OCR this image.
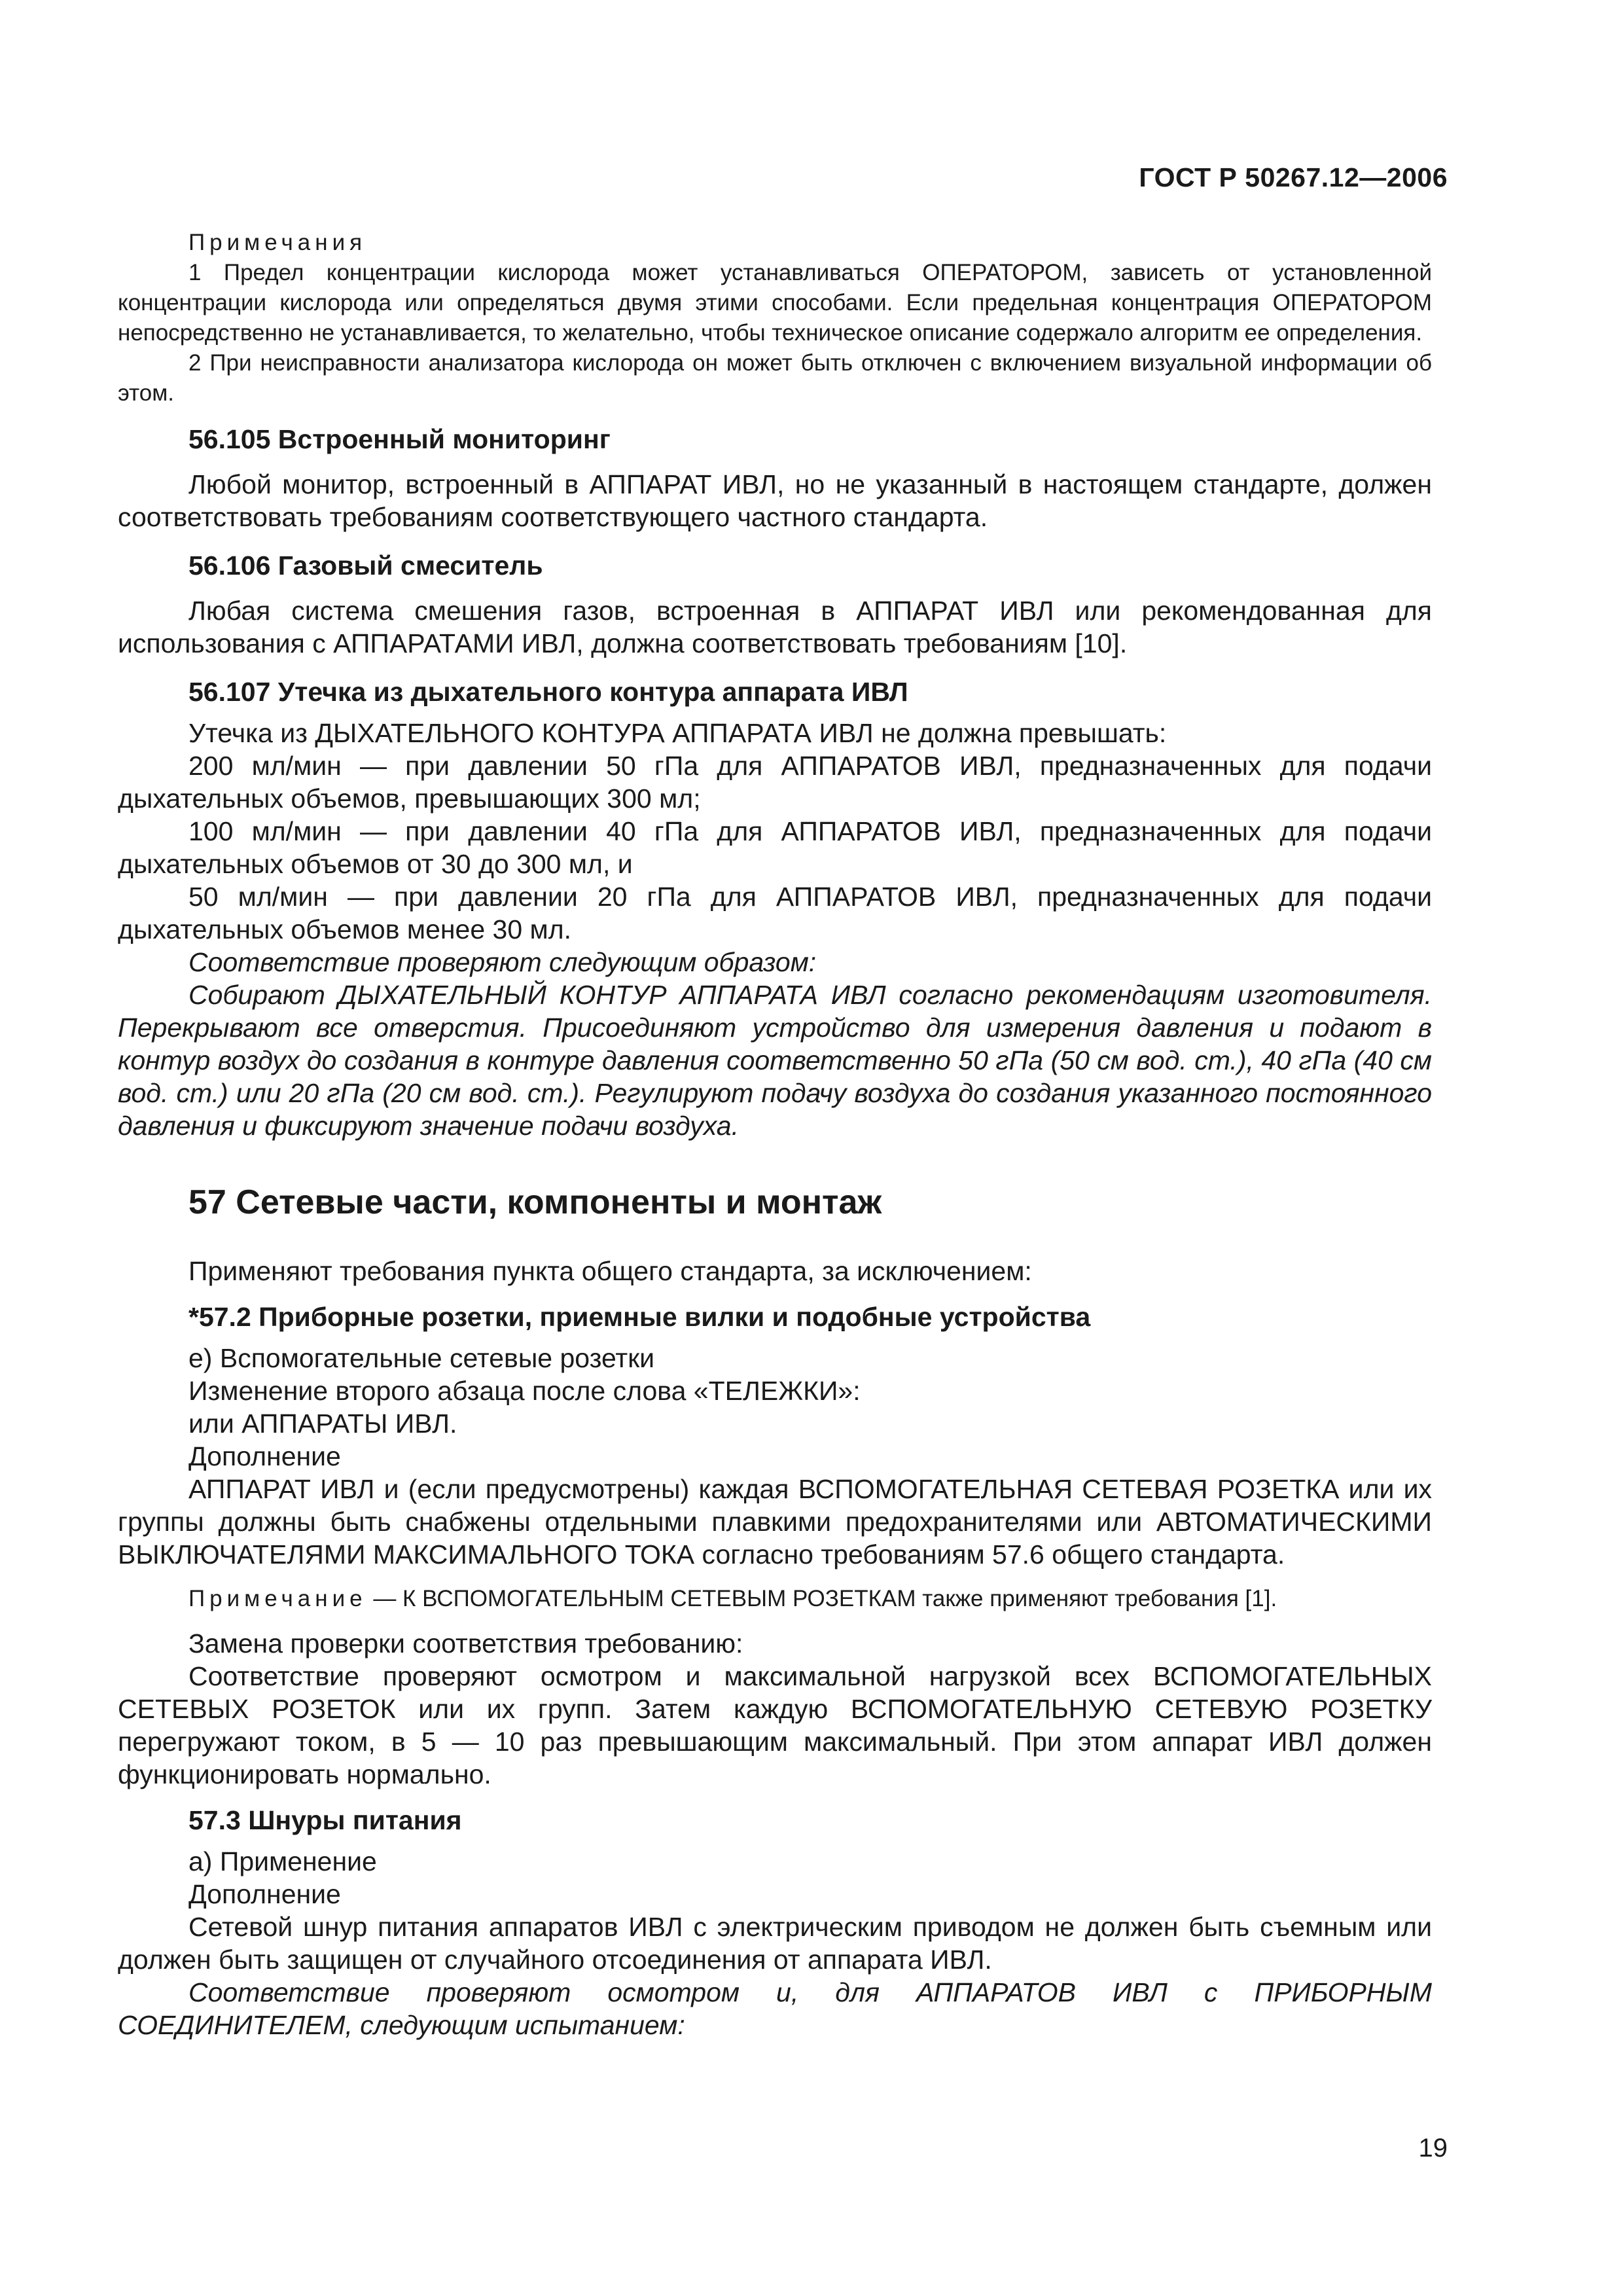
ГОСТ Р 50267.12—2006

Примечания

1 Предел концентрации кислорода может устанавливаться ОПЕРАТОРОМ, зависеть от установленной концентрации кислорода или определяться двумя этими способами. Если предельная концентрация ОПЕРАТОРОМ непосредственно не устанавливается, то желательно, чтобы техническое описание содержало алгоритм ее определения.

2 При неисправности анализатора кислорода он может быть отключен с включением визуальной информации об этом.

56.105 Встроенный мониторинг

Любой монитор, встроенный в АППАРАТ ИВЛ, но не указанный в настоящем стандарте, должен соответствовать требованиям соответствующего частного стандарта.

56.106 Газовый смеситель

Любая система смешения газов, встроенная в АППАРАТ ИВЛ или рекомендованная для использования с АППАРАТАМИ ИВЛ, должна соответствовать требованиям [10].

56.107 Утечка из дыхательного контура аппарата ИВЛ

Утечка из ДЫХАТЕЛЬНОГО КОНТУРА АППАРАТА ИВЛ не должна превышать:

200 мл/мин — при давлении 50 гПа для АППАРАТОВ ИВЛ, предназначенных для подачи дыхательных объемов, превышающих 300 мл;

100 мл/мин — при давлении 40 гПа для АППАРАТОВ ИВЛ, предназначенных для подачи дыхательных объемов от 30 до 300 мл, и

50 мл/мин — при давлении 20 гПа для АППАРАТОВ ИВЛ, предназначенных для подачи дыхательных объемов менее 30 мл.

Соответствие проверяют следующим образом:

Собирают ДЫХАТЕЛЬНЫЙ КОНТУР АППАРАТА ИВЛ согласно рекомендациям изготовителя. Перекрывают все отверстия. Присоединяют устройство для измерения давления и подают в контур воздух до создания в контуре давления соответственно 50 гПа (50 см вод. ст.), 40 гПа (40 см вод. ст.) или 20 гПа (20 см вод. ст.). Регулируют подачу воздуха до создания указанного постоянного давления и фиксируют значение подачи воздуха.

57 Сетевые части, компоненты и монтаж

Применяют требования пункта общего стандарта, за исключением:

*57.2 Приборные розетки, приемные вилки и подобные устройства

е) Вспомогательные сетевые розетки

Изменение второго абзаца после слова «ТЕЛЕЖКИ»:

или АППАРАТЫ ИВЛ.

Дополнение

АППАРАТ ИВЛ и (если предусмотрены) каждая ВСПОМОГАТЕЛЬНАЯ СЕТЕВАЯ РОЗЕТКА или их группы должны быть снабжены отдельными плавкими предохранителями или АВТОМАТИЧЕСКИМИ ВЫКЛЮЧАТЕЛЯМИ МАКСИМАЛЬНОГО ТОКА согласно требованиям 57.6 общего стандарта.

Примечание — К ВСПОМОГАТЕЛЬНЫМ СЕТЕВЫМ РОЗЕТКАМ также применяют требования [1].

Замена проверки соответствия требованию:

Соответствие проверяют осмотром и максимальной нагрузкой всех ВСПОМОГАТЕЛЬНЫХ СЕТЕВЫХ РОЗЕТОК или их групп. Затем каждую ВСПОМОГАТЕЛЬНУЮ СЕТЕВУЮ РОЗЕТКУ перегружают током, в 5 — 10 раз превышающим максимальный. При этом аппарат ИВЛ должен функционировать нормально.

57.3 Шнуры питания

а) Применение

Дополнение

Сетевой шнур питания аппаратов ИВЛ с электрическим приводом не должен быть съемным или должен быть защищен от случайного отсоединения от аппарата ИВЛ.

Соответствие проверяют осмотром и, для АППАРАТОВ ИВЛ с ПРИБОРНЫМ СОЕДИНИТЕЛЕМ, следующим испытанием:

19
